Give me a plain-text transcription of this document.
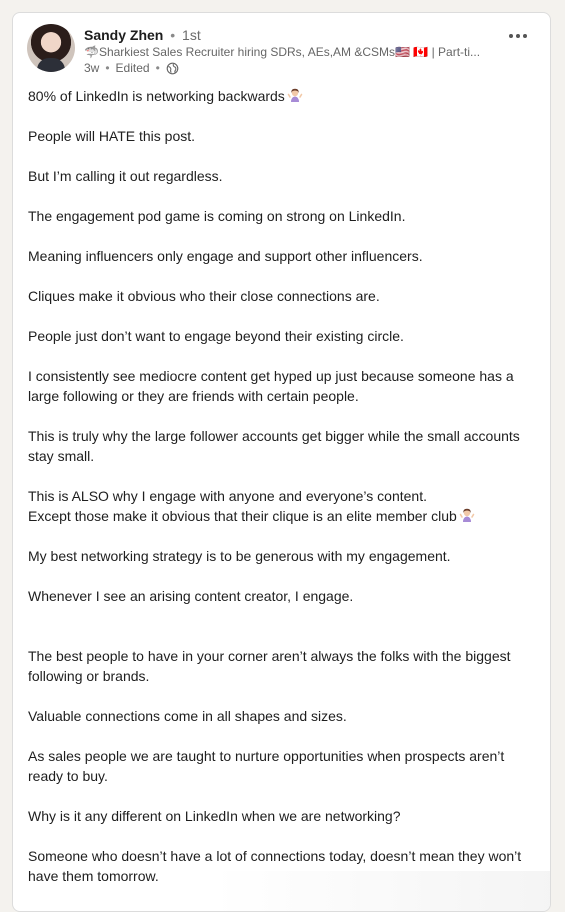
Sandy Zhen • 1st
🦈Sharkiest Sales Recruiter hiring SDRs, AEs,AM &CSMs🇺🇸 🇨🇦 | Part-ti...
3w • Edited •

80% of LinkedIn is networking backwards

People will HATE this post.

But I’m calling it out regardless.

The engagement pod game is coming on strong on LinkedIn.

Meaning influencers only engage and support other influencers.

Cliques make it obvious who their close connections are.

People just don’t want to engage beyond their existing circle.

I consistently see mediocre content get hyped up just because someone has a large following or they are friends with certain people.

This is truly why the large follower accounts get bigger while the small accounts stay small.

This is ALSO why I engage with anyone and everyone’s content.

Except those make it obvious that their clique is an elite member club

My best networking strategy is to be generous with my engagement.

Whenever I see an arising content creator, I engage.

The best people to have in your corner aren’t always the folks with the biggest following or brands.

Valuable connections come in all shapes and sizes.

As sales people we are taught to nurture opportunities when prospects aren’t ready to buy.

Why is it any different on LinkedIn when we are networking?

Someone who doesn’t have a lot of connections today, doesn’t mean they won’t have them tomorrow.
